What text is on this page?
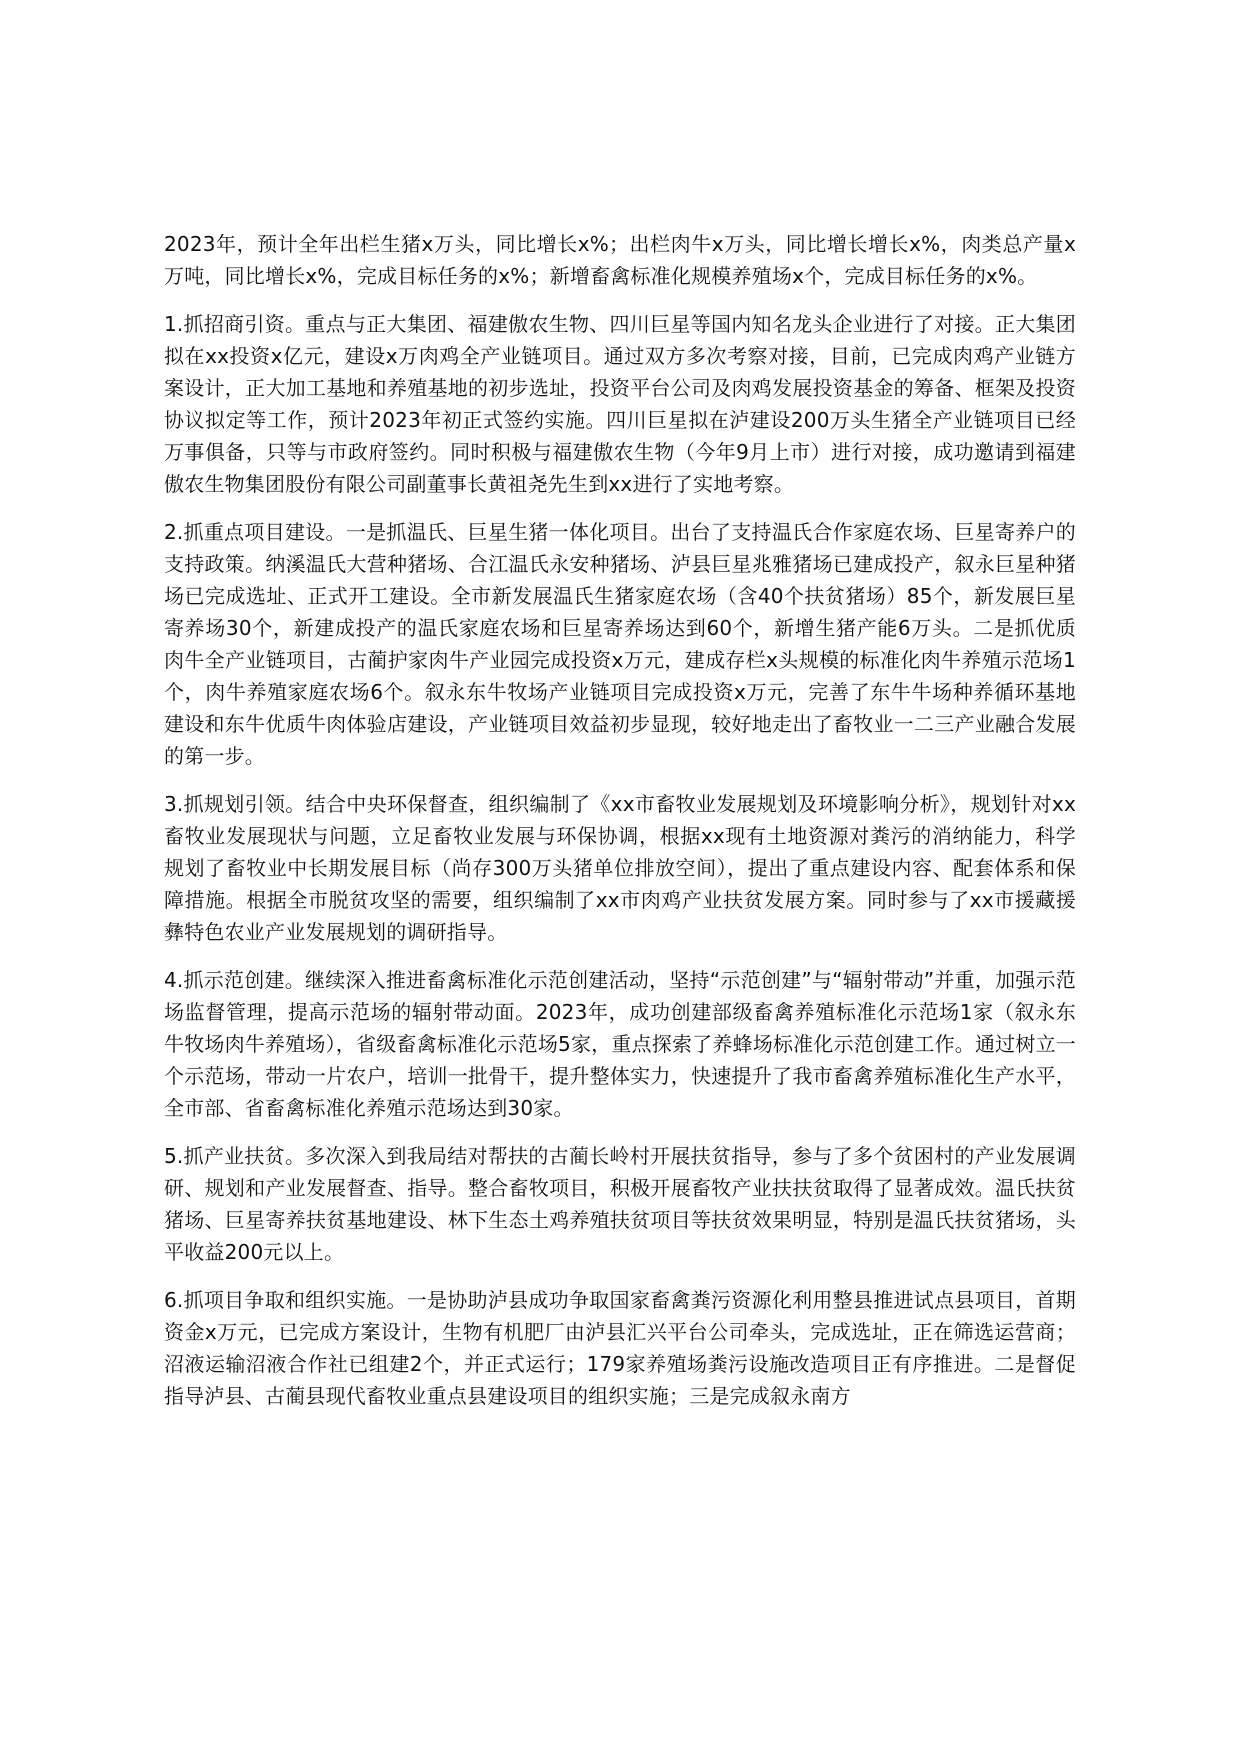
2023年，预计全年出栏生猪x万头，同比增长x%；出栏肉牛x万头，同比增长增长x%，肉类总产量x万吨，同比增长x%，完成目标任务的x%；新增畜禽标准化规模养殖场x个，完成目标任务的x%。

1.抓招商引资。重点与正大集团、福建傲农生物、四川巨星等国内知名龙头企业进行了对接。正大集团拟在xx投资x亿元，建设x万肉鸡全产业链项目。通过双方多次考察对接，目前，已完成肉鸡产业链方案设计，正大加工基地和养殖基地的初步选址，投资平台公司及肉鸡发展投资基金的筹备、框架及投资协议拟定等工作，预计2023年初正式签约实施。四川巨星拟在泸建设200万头生猪全产业链项目已经万事俱备，只等与市政府签约。同时积极与福建傲农生物（今年9月上市）进行对接，成功邀请到福建傲农生物集团股份有限公司副董事长黄祖尧先生到xx进行了实地考察。

2.抓重点项目建设。一是抓温氏、巨星生猪一体化项目。出台了支持温氏合作家庭农场、巨星寄养户的支持政策。纳溪温氏大营种猪场、合江温氏永安种猪场、泸县巨星兆雅猪场已建成投产，叙永巨星种猪场已完成选址、正式开工建设。全市新发展温氏生猪家庭农场（含40个扶贫猪场）85个，新发展巨星寄养场30个，新建成投产的温氏家庭农场和巨星寄养场达到60个，新增生猪产能6万头。二是抓优质肉牛全产业链项目，古蔺护家肉牛产业园完成投资x万元，建成存栏x头规模的标准化肉牛养殖示范场1个，肉牛养殖家庭农场6个。叙永东牛牧场产业链项目完成投资x万元，完善了东牛牛场种养循环基地建设和东牛优质牛肉体验店建设，产业链项目效益初步显现，较好地走出了畜牧业一二三产业融合发展的第一步。

3.抓规划引领。结合中央环保督查，组织编制了《xx市畜牧业发展规划及环境影响分析》，规划针对xx畜牧业发展现状与问题，立足畜牧业发展与环保协调，根据xx现有土地资源对粪污的消纳能力，科学规划了畜牧业中长期发展目标（尚存300万头猪单位排放空间），提出了重点建设内容、配套体系和保障措施。根据全市脱贫攻坚的需要，组织编制了xx市肉鸡产业扶贫发展方案。同时参与了xx市援藏援彝特色农业产业发展规划的调研指导。

4.抓示范创建。继续深入推进畜禽标准化示范创建活动，坚持“示范创建”与“辐射带动”并重，加强示范场监督管理，提高示范场的辐射带动面。2023年，成功创建部级畜禽养殖标准化示范场1家（叙永东牛牧场肉牛养殖场），省级畜禽标准化示范场5家，重点探索了养蜂场标准化示范创建工作。通过树立一个示范场，带动一片农户，培训一批骨干，提升整体实力，快速提升了我市畜禽养殖标准化生产水平，全市部、省畜禽标准化养殖示范场达到30家。

5.抓产业扶贫。多次深入到我局结对帮扶的古蔺长岭村开展扶贫指导，参与了多个贫困村的产业发展调研、规划和产业发展督查、指导。整合畜牧项目，积极开展畜牧产业扶扶贫取得了显著成效。温氏扶贫猪场、巨星寄养扶贫基地建设、林下生态土鸡养殖扶贫项目等扶贫效果明显，特别是温氏扶贫猪场，头平收益200元以上。

6.抓项目争取和组织实施。一是协助泸县成功争取国家畜禽粪污资源化利用整县推进试点县项目，首期资金x万元，已完成方案设计，生物有机肥厂由泸县汇兴平台公司牵头，完成选址，正在筛选运营商；沼液运输沼液合作社已组建2个，并正式运行；179家养殖场粪污设施改造项目正有序推进。二是督促指导泸县、古蔺县现代畜牧业重点县建设项目的组织实施；三是完成叙永南方
